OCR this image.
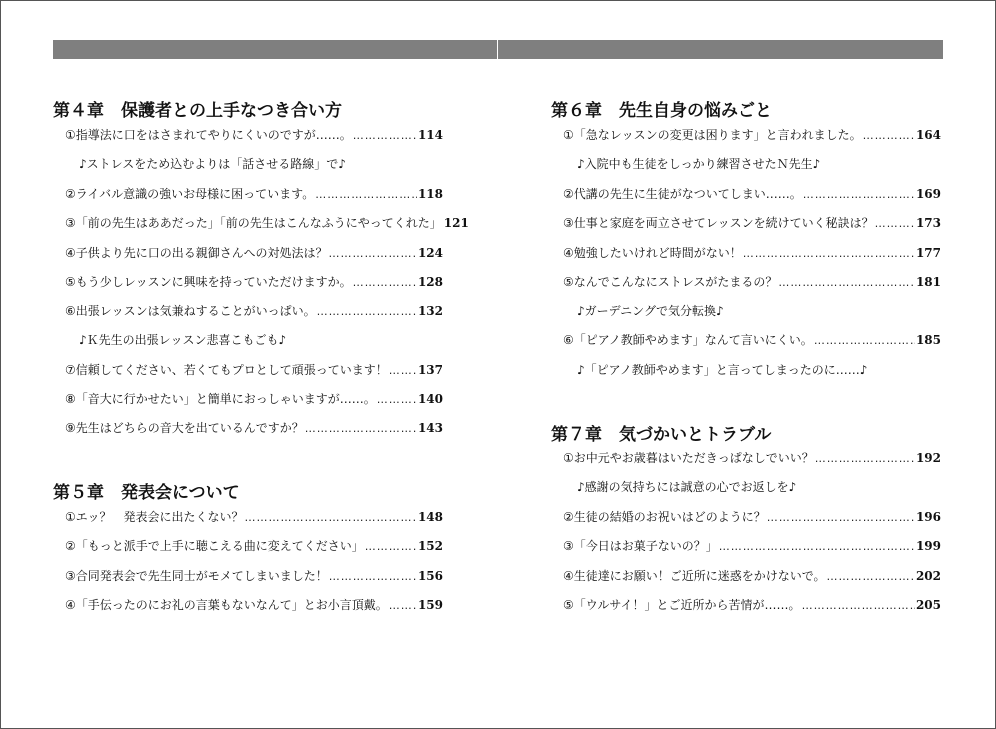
第４章　保護者との上手なつき合い方
①指導法に口をはさまれてやりにくいのですが……。 …………………………………………………………………………………………………………………………	114
♪ストレスをため込むよりは「話させる路線」で♪
②ライバル意識の強いお母様に困っています。 …………………………………………………………………………………………………………………………	118
③「前の先生はああだった」「前の先生はこんなふうにやってくれた」 121
④子供より先に口の出る親御さんへの対処法は？ …………………………………………………………………………………………………………………………	124
⑤もう少しレッスンに興味を持っていただけますか。 …………………………………………………………………………………………………………………………	128
⑥出張レッスンは気兼ねすることがいっぱい。 …………………………………………………………………………………………………………………………	132
♪Ｋ先生の出張レッスン悲喜こもごも♪
⑦信頼してください、若くてもプロとして頑張っています！ …………………………………………………………………………………………………………………………	137
⑧「音大に行かせたい」と簡単におっしゃいますが……。 …………………………………………………………………………………………………………………………	140
⑨先生はどちらの音大を出ているんですか？ …………………………………………………………………………………………………………………………	143
第５章　発表会について
①エッ？　発表会に出たくない？ …………………………………………………………………………………………………………………………	148
②「もっと派手で上手に聴こえる曲に変えてください」 …………………………………………………………………………………………………………………………	152
③合同発表会で先生同士がモメてしまいました！ …………………………………………………………………………………………………………………………	156
④「手伝ったのにお礼の言葉もないなんて」とお小言頂戴。 …………………………………………………………………………………………………………………………	159
第６章　先生自身の悩みごと
①「急なレッスンの変更は困ります」と言われました。 …………………………………………………………………………………………………………………………	164
♪入院中も生徒をしっかり練習させたＮ先生♪
②代講の先生に生徒がなついてしまい……。 …………………………………………………………………………………………………………………………	169
③仕事と家庭を両立させてレッスンを続けていく秘訣は？ …………………………………………………………………………………………………………………………	173
④勉強したいけれど時間がない！ …………………………………………………………………………………………………………………………	177
⑤なんでこんなにストレスがたまるの？ …………………………………………………………………………………………………………………………	181
♪ガーデニングで気分転換♪
⑥「ピアノ教師やめます」なんて言いにくい。 …………………………………………………………………………………………………………………………	185
♪「ピアノ教師やめます」と言ってしまったのに……♪
第７章　気づかいとトラブル
①お中元やお歳暮はいただきっぱなしでいい？ …………………………………………………………………………………………………………………………	192
♪感謝の気持ちには誠意の心でお返しを♪
②生徒の結婚のお祝いはどのように？ …………………………………………………………………………………………………………………………	196
③「今日はお菓子ないの？」 …………………………………………………………………………………………………………………………	199
④生徒達にお願い！ご近所に迷惑をかけないで。 …………………………………………………………………………………………………………………………	202
⑤「ウルサイ！」とご近所から苦情が……。 …………………………………………………………………………………………………………………………	205
